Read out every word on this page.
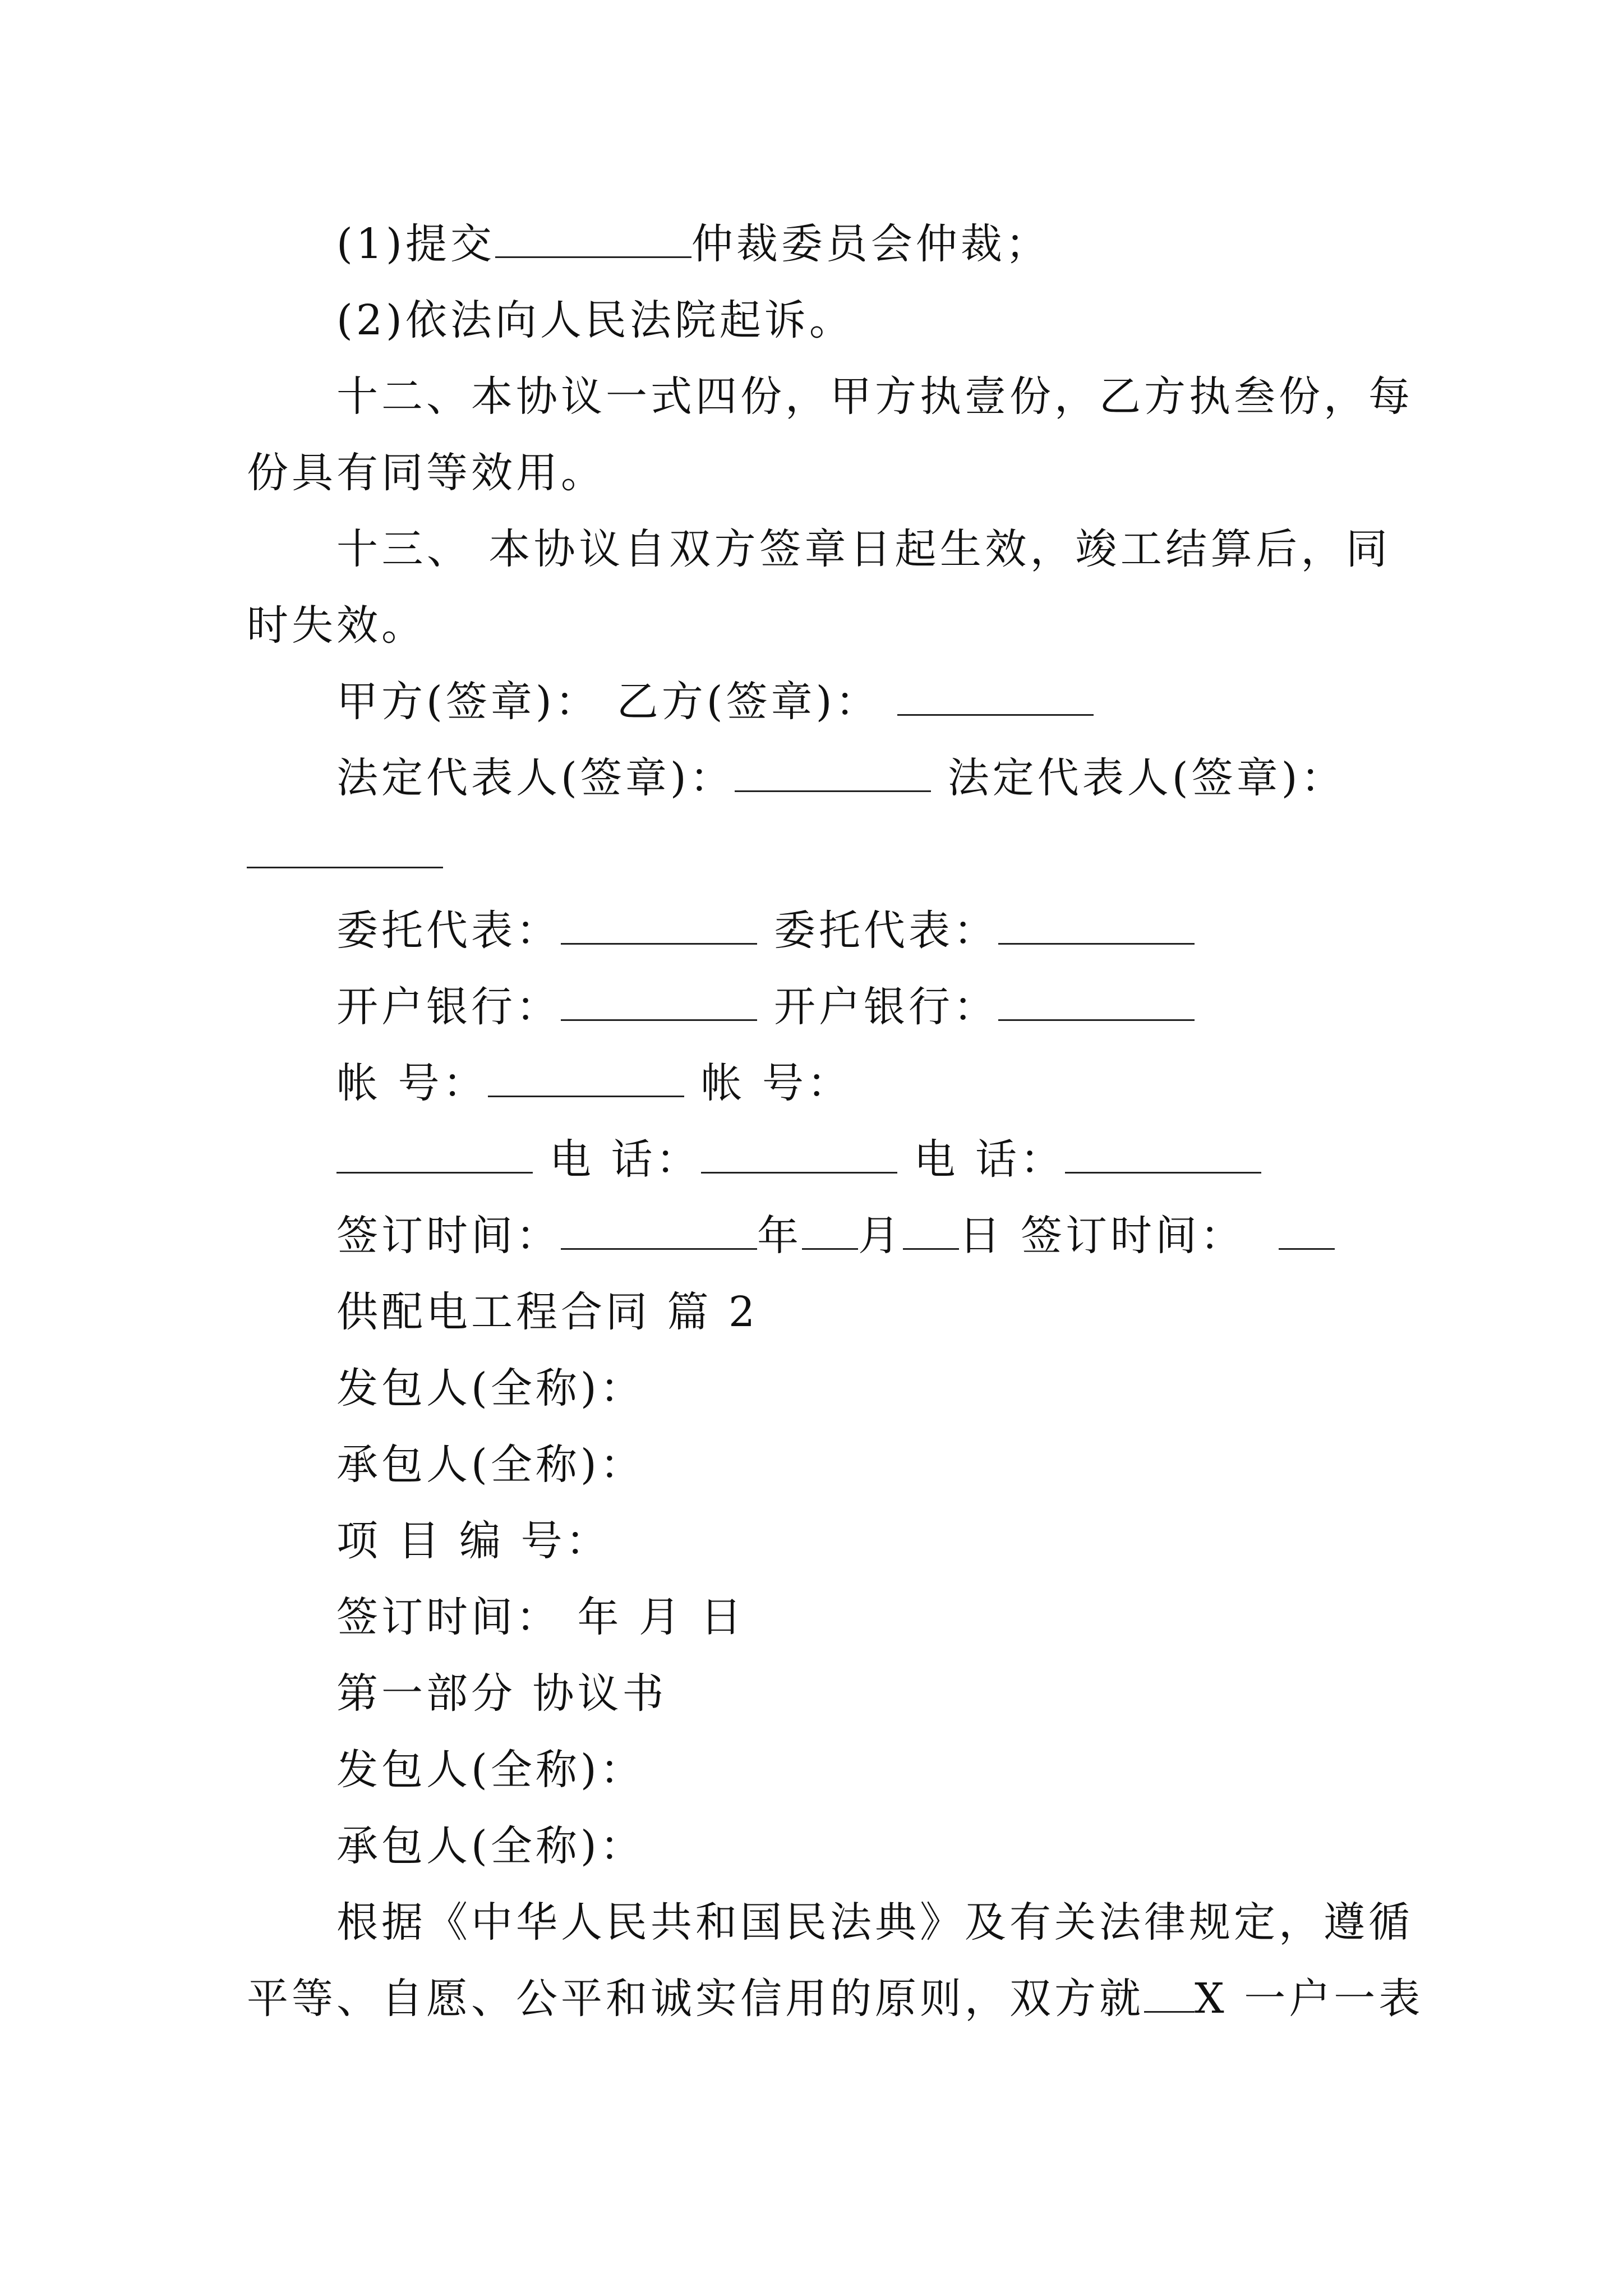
(1)提交	仲裁委员会仲裁；
(2)依法向人民法院起诉。
十二、本协议一式四份，甲方执壹份，乙方执叁份，每
份具有同等效用。
十三、 本协议自双方签章日起生效，竣工结算后，同
时失效。
甲方(签章)： 乙方(签章)：
法定代表人(签章)：	法定代表人(签章)：
委托代表：	委托代表：
开户银行：	开户银行：
帐 号：	帐 号：
电 话：	电 话：
签订时间：	年 月 日 签订时间：
供配电工程合同 篇 2
发包人(全称)：
承包人(全称)：
项 目 编 号：
签订时间： 年 月 日
第一部分 协议书
发包人(全称)：
承包人(全称)：
根据《中华人民共和国民法典》及有关法律规定，遵循
平等、自愿、公平和诚实信用的原则，双方就 X 一户一表
